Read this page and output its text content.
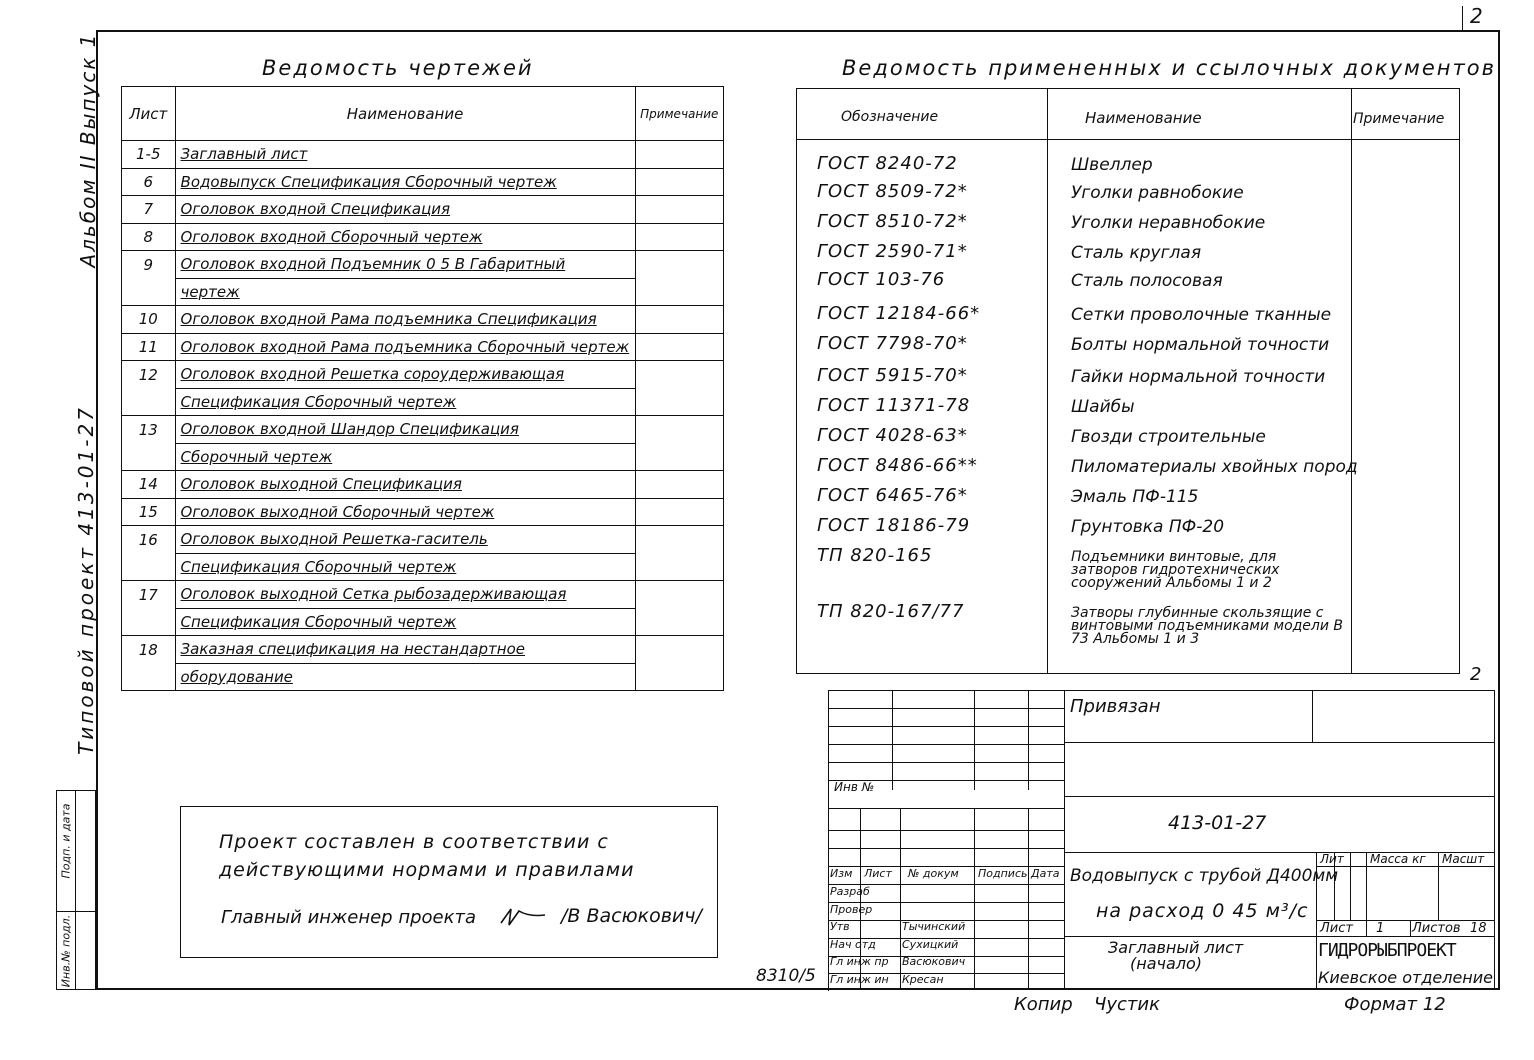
2
Альбом II Выпуск 1
Типовой проект 413-01-27
Инв.№ подл.
Подп. и дата
Ведомость чертежей
Лист	Наименование	Примечание
1-5	Заглавный лист	
6	Водовыпуск Спецификация Сборочный чертеж	
7	Оголовок входной Спецификация	
8	Оголовок входной Сборочный чертеж	
9	Оголовок входной Подъемник 0 5 В Габаритный	
	чертеж	
10	Оголовок входной Рама подъемника Спецификация	
11	Оголовок входной Рама подъемника Сборочный чертеж	
12	Оголовок входной Решетка сороудерживающая	
	Спецификация Сборочный чертеж	
13	Оголовок входной Шандор Спецификация	
	Сборочный чертеж	
14	Оголовок выходной Спецификация	
15	Оголовок выходной Сборочный чертеж	
16	Оголовок выходной Решетка-гаситель	
	Спецификация Сборочный чертеж	
17	Оголовок выходной Сетка рыбозадерживающая	
	Спецификация Сборочный чертеж	
18	Заказная спецификация на нестандартное	
	оборудование	
Ведомость примененных и ссылочных документов
Обозначение	Наименование	Примечание
ГОСТ 8240-72	Швеллер
ГОСТ 8509-72*	Уголки равнобокие
ГОСТ 8510-72*	Уголки неравнобокие
ГОСТ 2590-71*	Сталь круглая
ГОСТ 103-76	Сталь полосовая
ГОСТ 12184-66*	Сетки проволочные тканные
ГОСТ 7798-70*	Болты нормальной точности
ГОСТ 5915-70*	Гайки нормальной точности
ГОСТ 11371-78	Шайбы
ГОСТ 4028-63*	Гвозди строительные
ГОСТ 8486-66**	Пиломатериалы хвойных пород
ГОСТ 6465-76*	Эмаль ПФ-115
ГОСТ 18186-79	Грунтовка ПФ-20
ТП 820-165	Подъемники винтовые, для затворов гидротехнических сооружений Альбомы 1 и 2
ТП 820-167/77	Затворы глубинные скользящие с винтовыми подъемниками модели В 73 Альбомы 1 и 3
2
Проект составлен в соответствии с
действующими нормами и правилами
Главный инженер проекта	/В Васюкович/
Инв №
Изм Лист № докум Подпись Дата
Разраб
Провер
Утв	Тычинский
Нач отд Сухицкий
Гл инж пр Васюкович
Гл инж ин Кресан
Привязан
413-01-27
Водовыпуск с трубой Д400мм
на расход 0 45 м³/с
Заглавный лист
(начало)
Лит Масса кг Масшт
Лист 1 Листов 18
ГИДРОРЫБПРОЕКТ
Киевское отделение
8310/5
Копир Чуcтик	Формат 12
